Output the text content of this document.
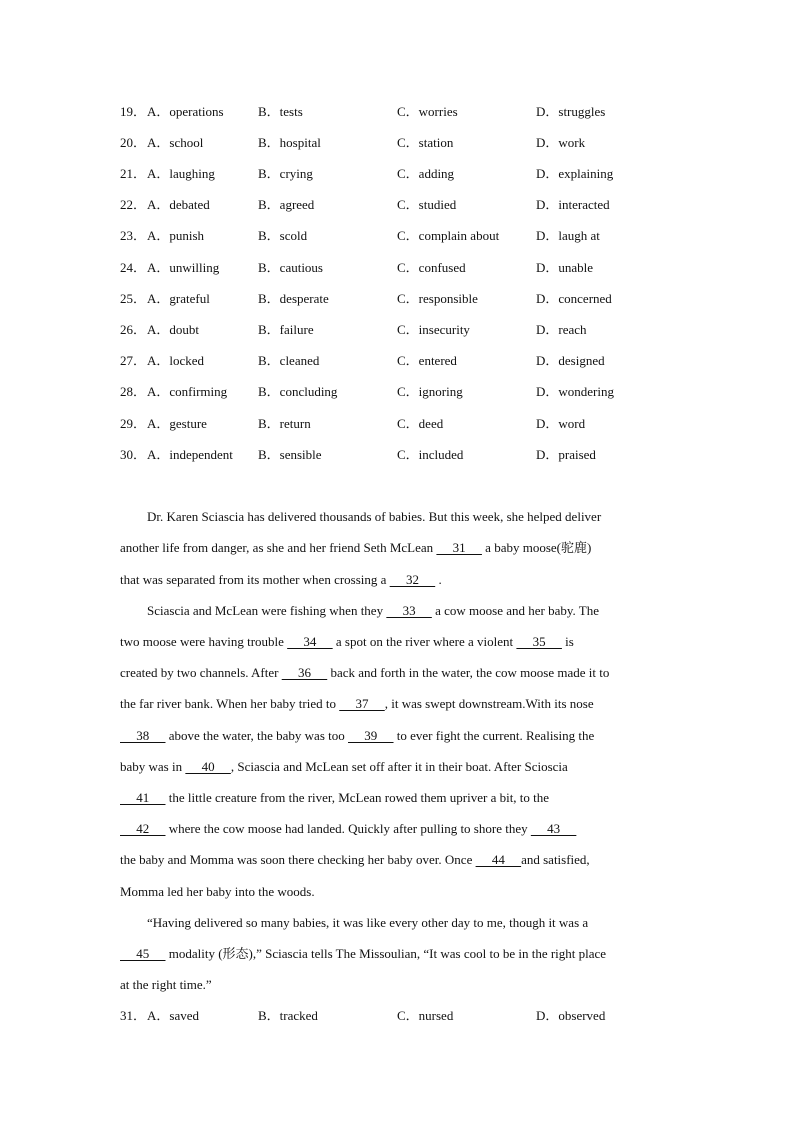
19． A．operations	B．tests	C．worries	D．struggles
20． A．school	B．hospital	C．station	D．work
21． A．laughing	B．crying	C．adding	D．explaining
22． A．debated	B．agreed	C．studied	D．interacted
23． A．punish	B．scold	C．complain about	D．laugh at
24． A．unwilling	B．cautious	C．confused	D．unable
25． A．grateful	B．desperate	C．responsible	D．concerned
26． A．doubt	B．failure	C．insecurity	D．reach
27． A．locked	B．cleaned	C．entered	D．designed
28． A．confirming B．concluding	C．ignoring	D．wondering
29． A．gesture	B．return	C．deed	D．word
30． A．independent B．sensible	C．included	D．praised
Dr. Karen Sciascia has delivered thousands of babies. But this week, she helped deliver
another life from danger, as she and her friend Seth McLean      31      a baby moose(驼鹿)
that was separated from its mother when crossing a      32      .
Sciascia and McLean were fishing when they      33      a cow moose and her baby. The
two moose were having trouble      34      a spot on the river where a violent      35      is
created by two channels. After      36      back and forth in the water, the cow moose made it to
the far river bank. When her baby tried to      37     , it was swept downstream.With its nose
38      above the water, the baby was too      39      to ever fight the current. Realising the
baby was in      40     , Sciascia and McLean set off after it in their boat. After Scioscia
41      the little creature from the river, McLean rowed them upriver a bit, to the
42      where the cow moose had landed. Quickly after pulling to shore they      43
the baby and Momma was soon there checking her baby over. Once      44     and satisfied,
Momma led her baby into the woods.
“Having delivered so many babies, it was like every other day to me, though it was a
45      modality (形态),” Sciascia tells The Missoulian, “It was cool to be in the right place
at the right time.”
31． A．saved	B．tracked	C．nursed	D．observed
